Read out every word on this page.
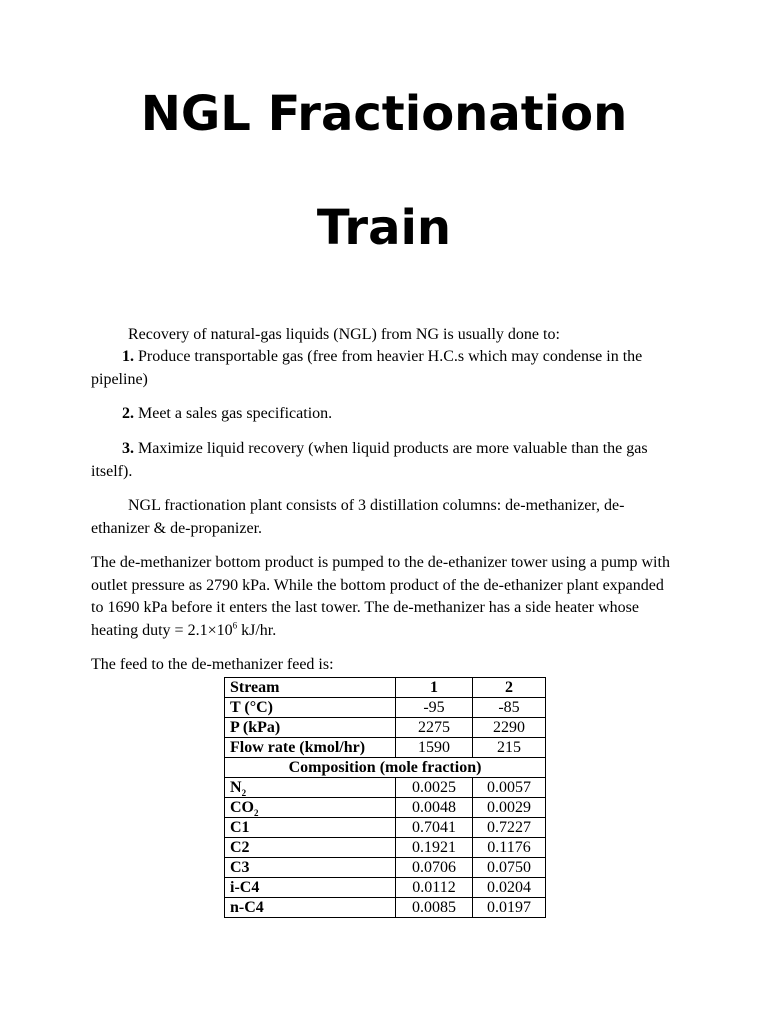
NGL Fractionation
Train
Recovery of natural-gas liquids (NGL) from NG is usually done to:
1. Produce transportable gas (free from heavier H.C.s which may condense in the pipeline)
2. Meet a sales gas specification.
3. Maximize liquid recovery (when liquid products are more valuable than the gas itself).
NGL fractionation plant consists of 3 distillation columns: de-methanizer, de-ethanizer & de-propanizer.
The de-methanizer bottom product is pumped to the de-ethanizer tower using a pump with outlet pressure as 2790 kPa. While the bottom product of the de-ethanizer plant expanded to 1690 kPa before it enters the last tower. The de-methanizer has a side heater whose heating duty = $2.1\times 10^6$ kJ/hr.
The feed to the de-methanizer feed is:
Stream	1	2
T (°C)	-95	-85
P (kPa)	2275	2290
Flow rate (kmol/hr)	1590	215
Composition (mole fraction)		
$N_2$	0.0025	0.0057
$CO_2$	0.0048	0.0029
C1	0.7041	0.7227
C2	0.1921	0.1176
C3	0.0706	0.0750
i-C4	0.0112	0.0204
n-C4	0.0085	0.0197
